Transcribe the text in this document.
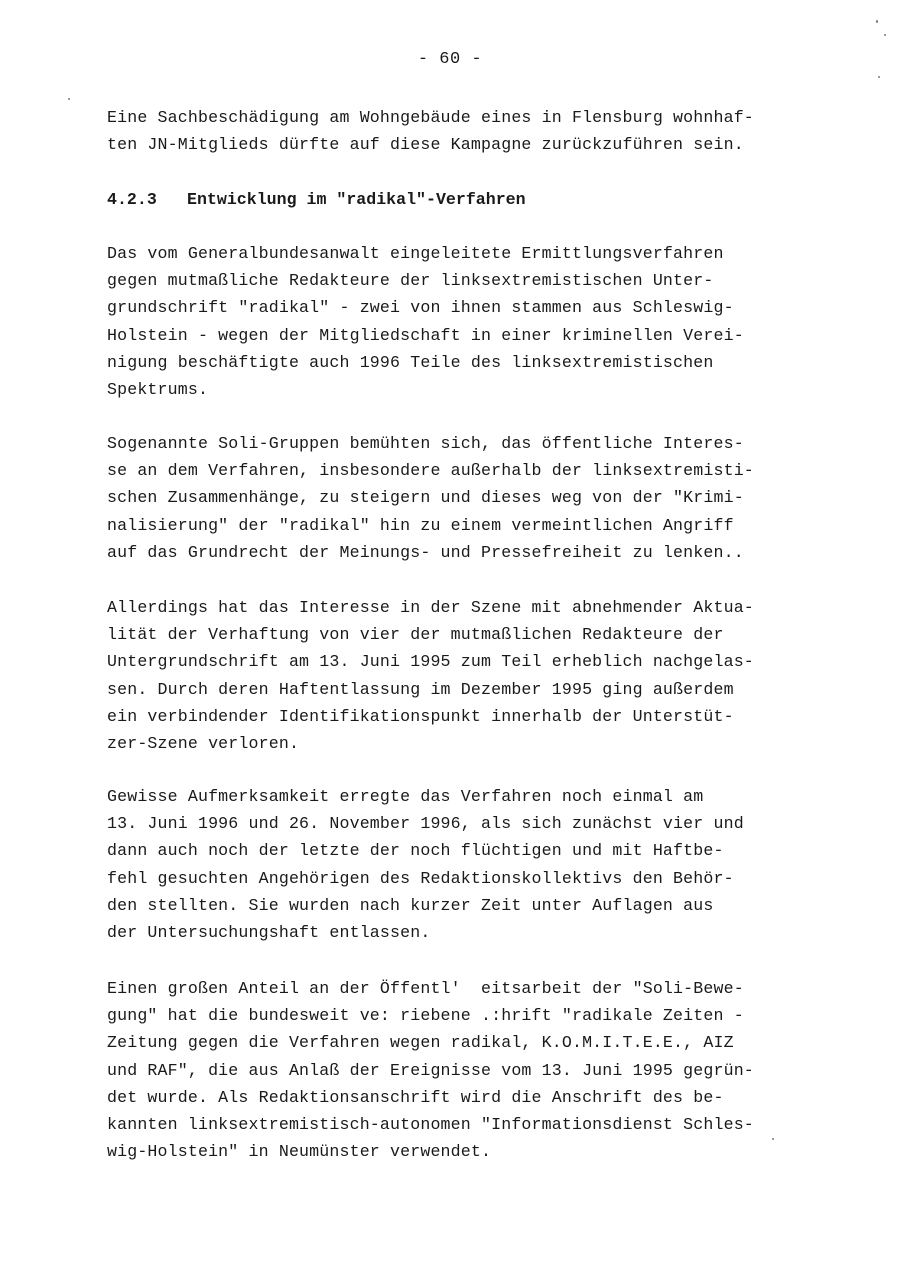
- 60 -
Eine Sachbeschädigung am Wohngebäude eines in Flensburg wohnhaf-
ten JN-Mitglieds dürfte auf diese Kampagne zurückzuführen sein.
4.2.3 Entwicklung im "radikal"-Verfahren
Das vom Generalbundesanwalt eingeleitete Ermittlungsverfahren
gegen mutmaßliche Redakteure der linksextremistischen Unter-
grundschrift "radikal" - zwei von ihnen stammen aus Schleswig-
Holstein - wegen der Mitgliedschaft in einer kriminellen Verei-
nigung beschäftigte auch 1996 Teile des linksextremistischen
Spektrums.
Sogenannte Soli-Gruppen bemühten sich, das öffentliche Interes-
se an dem Verfahren, insbesondere außerhalb der linksextremisti-
schen Zusammenhänge, zu steigern und dieses weg von der "Krimi-
nalisierung" der "radikal" hin zu einem vermeintlichen Angriff
auf das Grundrecht der Meinungs- und Pressefreiheit zu lenken..
Allerdings hat das Interesse in der Szene mit abnehmender Aktua-
lität der Verhaftung von vier der mutmaßlichen Redakteure der
Untergrundschrift am 13. Juni 1995 zum Teil erheblich nachgelas-
sen. Durch deren Haftentlassung im Dezember 1995 ging außerdem
ein verbindender Identifikationspunkt innerhalb der Unterstüt-
zer-Szene verloren.
Gewisse Aufmerksamkeit erregte das Verfahren noch einmal am
13. Juni 1996 und 26. November 1996, als sich zunächst vier und
dann auch noch der letzte der noch flüchtigen und mit Haftbe-
fehl gesuchten Angehörigen des Redaktionskollektivs den Behör-
den stellten. Sie wurden nach kurzer Zeit unter Auflagen aus
der Untersuchungshaft entlassen.
Einen großen Anteil an der Öffentl'  eitsarbeit der "Soli-Bewe-
gung" hat die bundesweit ve: riebene .:hrift "radikale Zeiten -
Zeitung gegen die Verfahren wegen radikal, K.O.M.I.T.E.E., AIZ
und RAF", die aus Anlaß der Ereignisse vom 13. Juni 1995 gegrün-
det wurde. Als Redaktionsanschrift wird die Anschrift des be-
kannten linksextremistisch-autonomen "Informationsdienst Schles-
wig-Holstein" in Neumünster verwendet.
